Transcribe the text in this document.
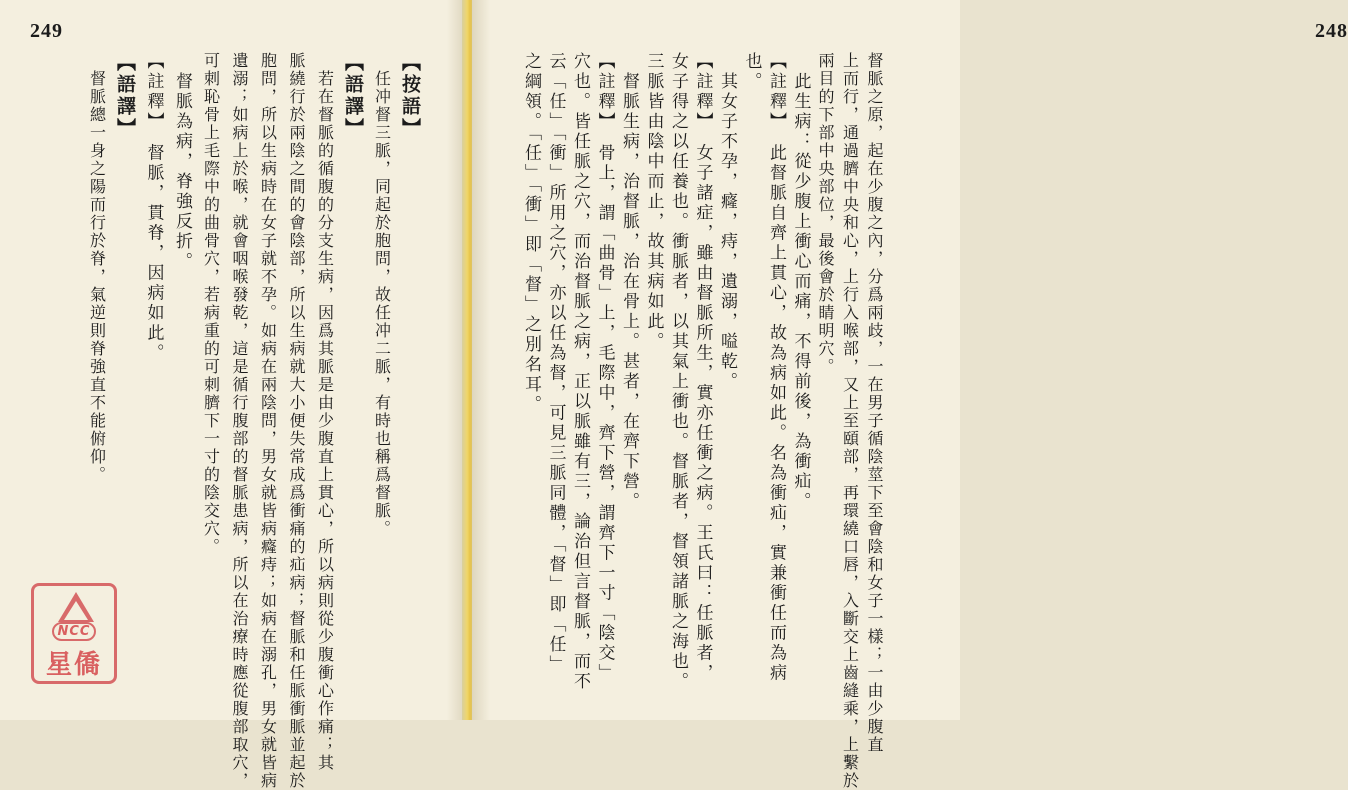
249
【按語】
　任冲督三脈，同起於胞問，故任冲二脈，有時也稱爲督脈。
【語譯】
　若在督脈的循腹的分支生病，因爲其脈是由少腹直上貫心，所以病則從少腹衝心作痛；其
脈繞行於兩陰之間的會陰部，所以生病就大小便失常成爲衝痛的疝病；督脈和任脈衝脈並起於
胞問，所以生病時在女子就不孕。如病在兩陰問，男女就皆病癃痔；如病在溺孔，男女就皆病
遺溺；如病上於喉，就會咽喉發乾，這是循行腹部的督脈患病，所以在治療時應從腹部取穴，
可刺恥骨上毛際中的曲骨穴，若病重的可刺臍下一寸的陰交穴。
　督脈為病，脊強反折。
【註釋】　督脈，貫脊，因病如此。
【語譯】
　督脈總一身之陽而行於脊，氣逆則脊強直不能俯仰。
NCC
星僑
248
督脈之原，起在少腹之內，分爲兩歧，一在男子循陰莖下至會陰和女子一樣；一由少腹直
上而行，通過臍中央和心，上行入喉部，又上至頤部，再環繞口唇，入斷交上齒縫乘，上繫於
兩目的下部中央部位，最後會於睛明穴。
　此生病：從少腹上衝心而痛，不得前後，為衝疝。
【註釋】　此督脈自齊上貫心，故為病如此。名為衝疝，實兼衝任而為病
也。
　其女子不孕，癃，痔，遺溺，嗌乾。
【註釋】　女子諸症，雖由督脈所生，實亦任衝之病。王氏曰：任脈者，
女子得之以任養也。衝脈者，以其氣上衝也。督脈者，督領諸脈之海也。
三脈皆由陰中而止，故其病如此。
　督脈生病，治督脈，治在骨上。甚者，在齊下營。
【註釋】　骨上，謂「曲骨」上，毛際中，齊下營，謂齊下一寸「陰交」
穴也。皆任脈之穴，而治督脈之病，正以脈雖有三，論治但言督脈，而不
云「任」「衝」所用之穴，亦以任為督，可見三脈同體，「督」即「任」
之綱領。「任」「衝」即「督」之別名耳。
